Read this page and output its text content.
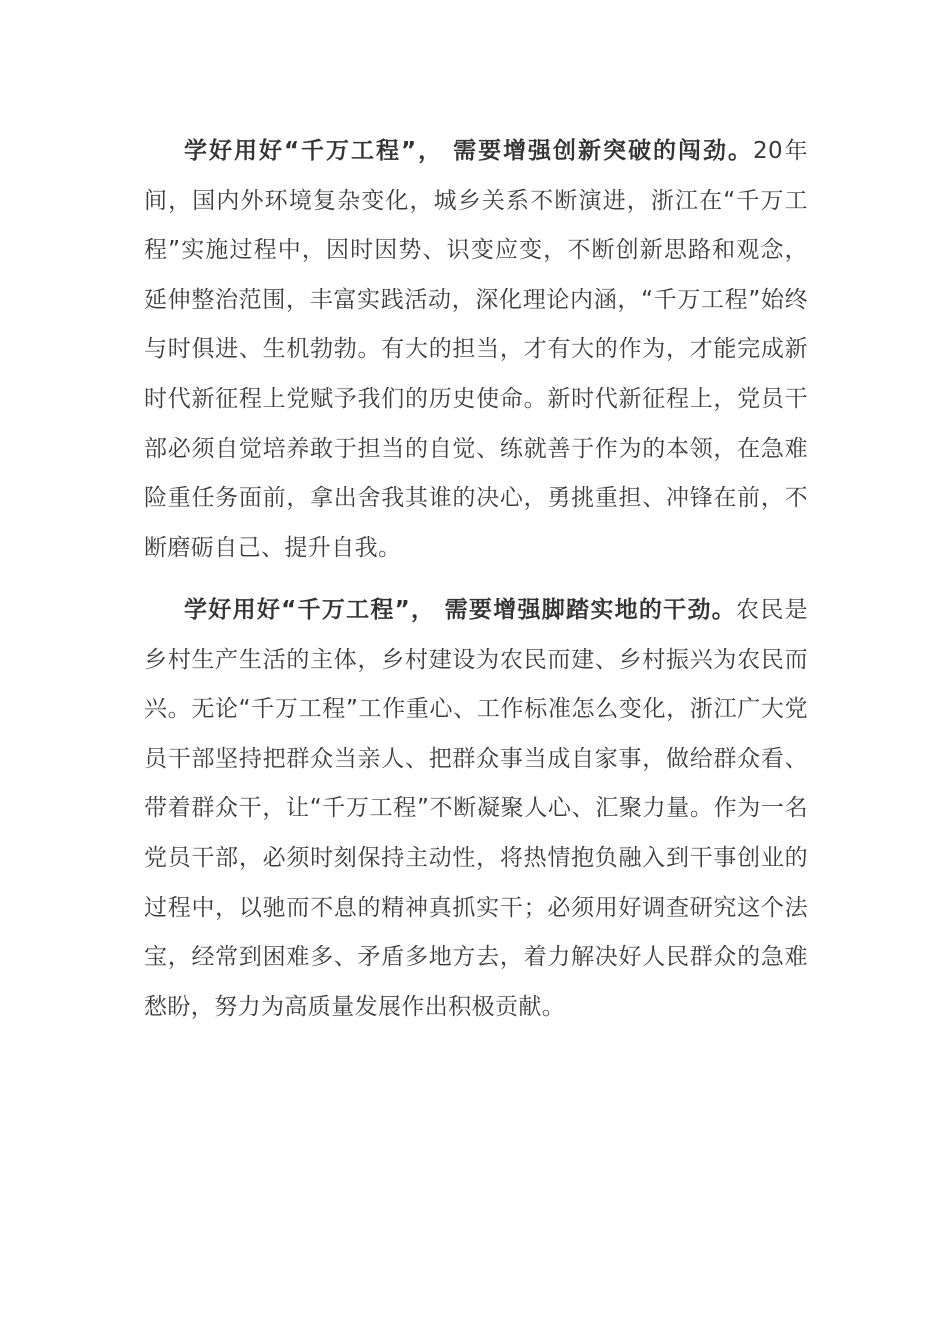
学好用好“千万工程”， 需要增强创新突破的闯劲。20年间，国内外环境复杂变化，城乡关系不断演进，浙江在“千万工程”实施过程中，因时因势、识变应变，不断创新思路和观念，延伸整治范围，丰富实践活动，深化理论内涵，“千万工程”始终与时俱进、生机勃勃。有大的担当，才有大的作为，才能完成新时代新征程上党赋予我们的历史使命。新时代新征程上，党员干部必须自觉培养敢于担当的自觉、练就善于作为的本领，在急难险重任务面前，拿出舍我其谁的决心，勇挑重担、冲锋在前，不断磨砺自己、提升自我。

学好用好“千万工程”， 需要增强脚踏实地的干劲。农民是乡村生产生活的主体，乡村建设为农民而建、乡村振兴为农民而兴。无论“千万工程”工作重心、工作标准怎么变化，浙江广大党员干部坚持把群众当亲人、把群众事当成自家事，做给群众看、带着群众干，让“千万工程”不断凝聚人心、汇聚力量。作为一名党员干部，必须时刻保持主动性，将热情抱负融入到干事创业的过程中，以驰而不息的精神真抓实干；必须用好调查研究这个法宝，经常到困难多、矛盾多地方去，着力解决好人民群众的急难愁盼，努力为高质量发展作出积极贡献。
